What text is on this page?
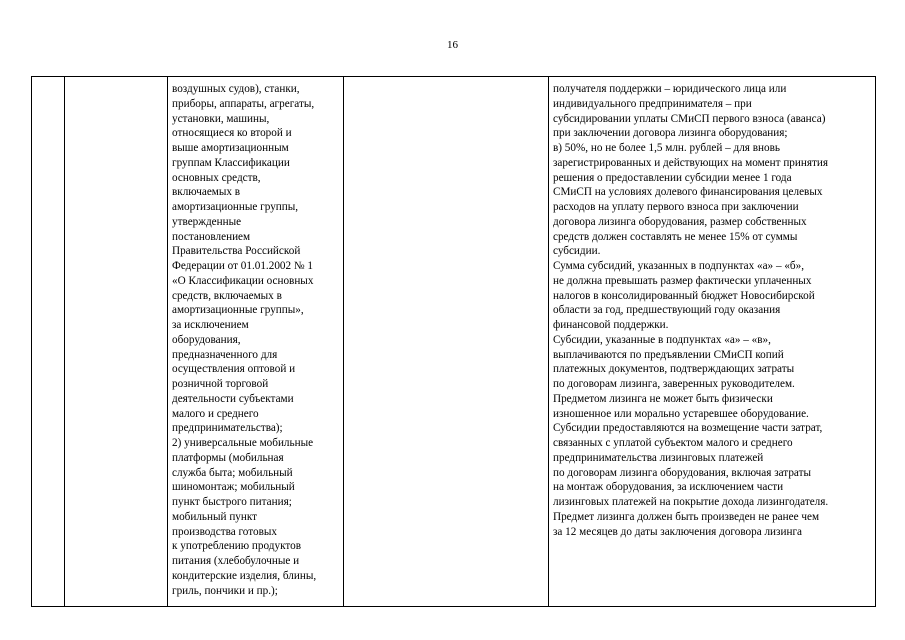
16
воздушных судов), станки,
приборы, аппараты, агрегаты,
установки, машины,
относящиеся ко второй и
выше амортизационным
группам Классификации
основных средств,
включаемых в
амортизационные группы,
утвержденные
постановлением
Правительства Российской
Федерации от 01.01.2002 № 1
«О Классификации основных
средств, включаемых в
амортизационные группы»,
за исключением
оборудования,
предназначенного для
осуществления оптовой и
розничной торговой
деятельности субъектами
малого и среднего
предпринимательства);
2) универсальные мобильные
платформы (мобильная
служба быта; мобильный
шиномонтаж; мобильный
пункт быстрого питания;
мобильный пункт
производства готовых
к употреблению продуктов
питания (хлебобулочные и
кондитерские изделия, блины,
гриль, пончики и пр.);
получателя поддержки – юридического лица или
индивидуального предпринимателя – при
субсидировании уплаты СМиСП первого взноса (аванса)
при заключении договора лизинга оборудования;
в) 50%, но не более 1,5 млн. рублей – для вновь
зарегистрированных и действующих на момент принятия
решения о предоставлении субсидии менее 1 года
СМиСП на условиях долевого финансирования целевых
расходов на уплату первого взноса при заключении
договора лизинга оборудования, размер собственных
средств должен составлять не менее 15% от суммы
субсидии.
Сумма субсидий, указанных в подпунктах «а» – «б»,
не должна превышать размер фактически уплаченных
налогов в консолидированный бюджет Новосибирской
области за год, предшествующий году оказания
финансовой поддержки.
Субсидии, указанные в подпунктах «а» – «в»,
выплачиваются по предъявлении СМиСП копий
платежных документов, подтверждающих затраты
по договорам лизинга, заверенных руководителем.
Предметом лизинга не может быть физически
изношенное или морально устаревшее оборудование.
Субсидии предоставляются на возмещение части затрат,
связанных с уплатой субъектом малого и среднего
предпринимательства лизинговых платежей
по договорам лизинга оборудования, включая затраты
на монтаж оборудования, за исключением части
лизинговых платежей на покрытие дохода лизингодателя.
Предмет лизинга должен быть произведен не ранее чем
за 12 месяцев до даты заключения договора лизинга
